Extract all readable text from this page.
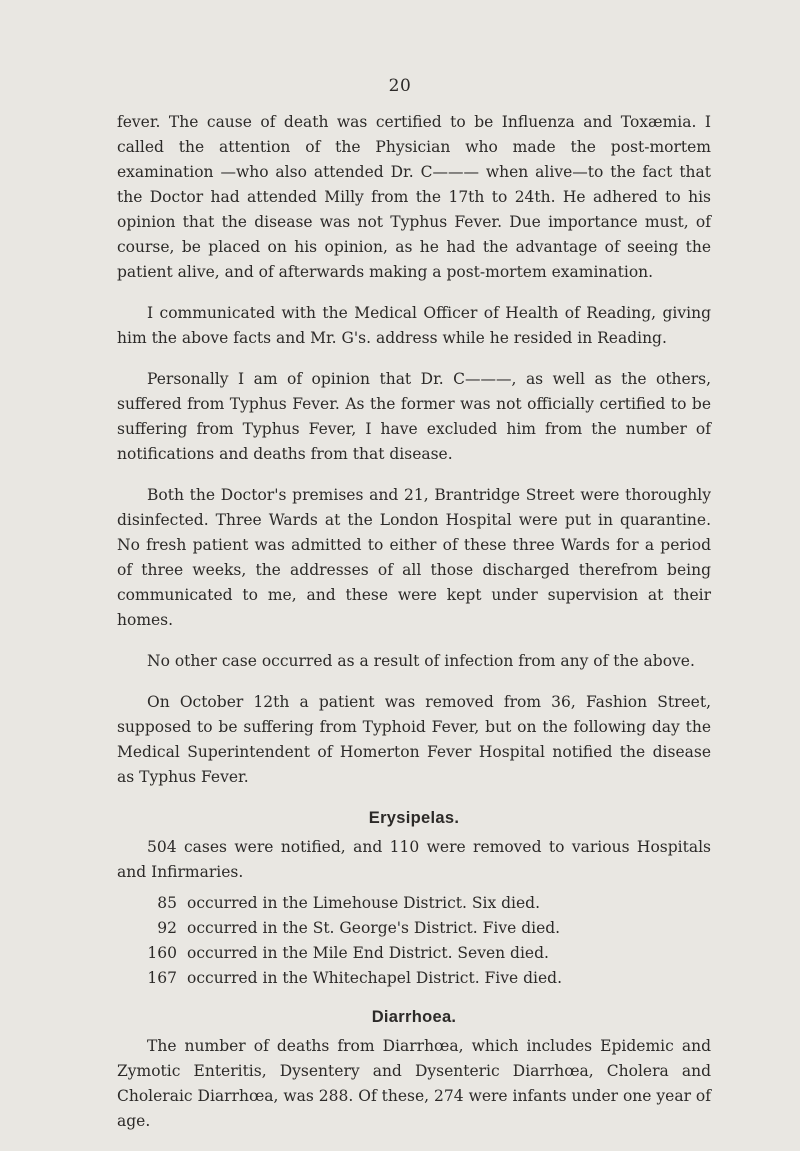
20

fever. The cause of death was certified to be Influenza and Toxæmia. I called the attention of the Physician who made the post-mortem examination —who also attended Dr. C——— when alive—to the fact that the Doctor had attended Milly from the 17th to 24th. He adhered to his opinion that the disease was not Typhus Fever. Due importance must, of course, be placed on his opinion, as he had the advantage of seeing the patient alive, and of afterwards making a post-mortem examination.

I communicated with the Medical Officer of Health of Reading, giving him the above facts and Mr. G's. address while he resided in Reading.

Personally I am of opinion that Dr. C———, as well as the others, suffered from Typhus Fever. As the former was not officially certified to be suffering from Typhus Fever, I have excluded him from the number of notifications and deaths from that disease.

Both the Doctor's premises and 21, Brantridge Street were thoroughly disinfected. Three Wards at the London Hospital were put in quarantine. No fresh patient was admitted to either of these three Wards for a period of three weeks, the addresses of all those discharged therefrom being communicated to me, and these were kept under supervision at their homes.

No other case occurred as a result of infection from any of the above.

On October 12th a patient was removed from 36, Fashion Street, supposed to be suffering from Typhoid Fever, but on the following day the Medical Superintendent of Homerton Fever Hospital notified the disease as Typhus Fever.

Erysipelas.

504 cases were notified, and 110 were removed to various Hospitals and Infirmaries.

85 occurred in the Limehouse District. Six died.
92 occurred in the St. George's District. Five died.
160 occurred in the Mile End District. Seven died.
167 occurred in the Whitechapel District. Five died.
Diarrhoea.

The number of deaths from Diarrhœa, which includes Epidemic and Zymotic Enteritis, Dysentery and Dysenteric Diarrhœa, Cholera and Choleraic Diarrhœa, was 288. Of these, 274 were infants under one year of age.
